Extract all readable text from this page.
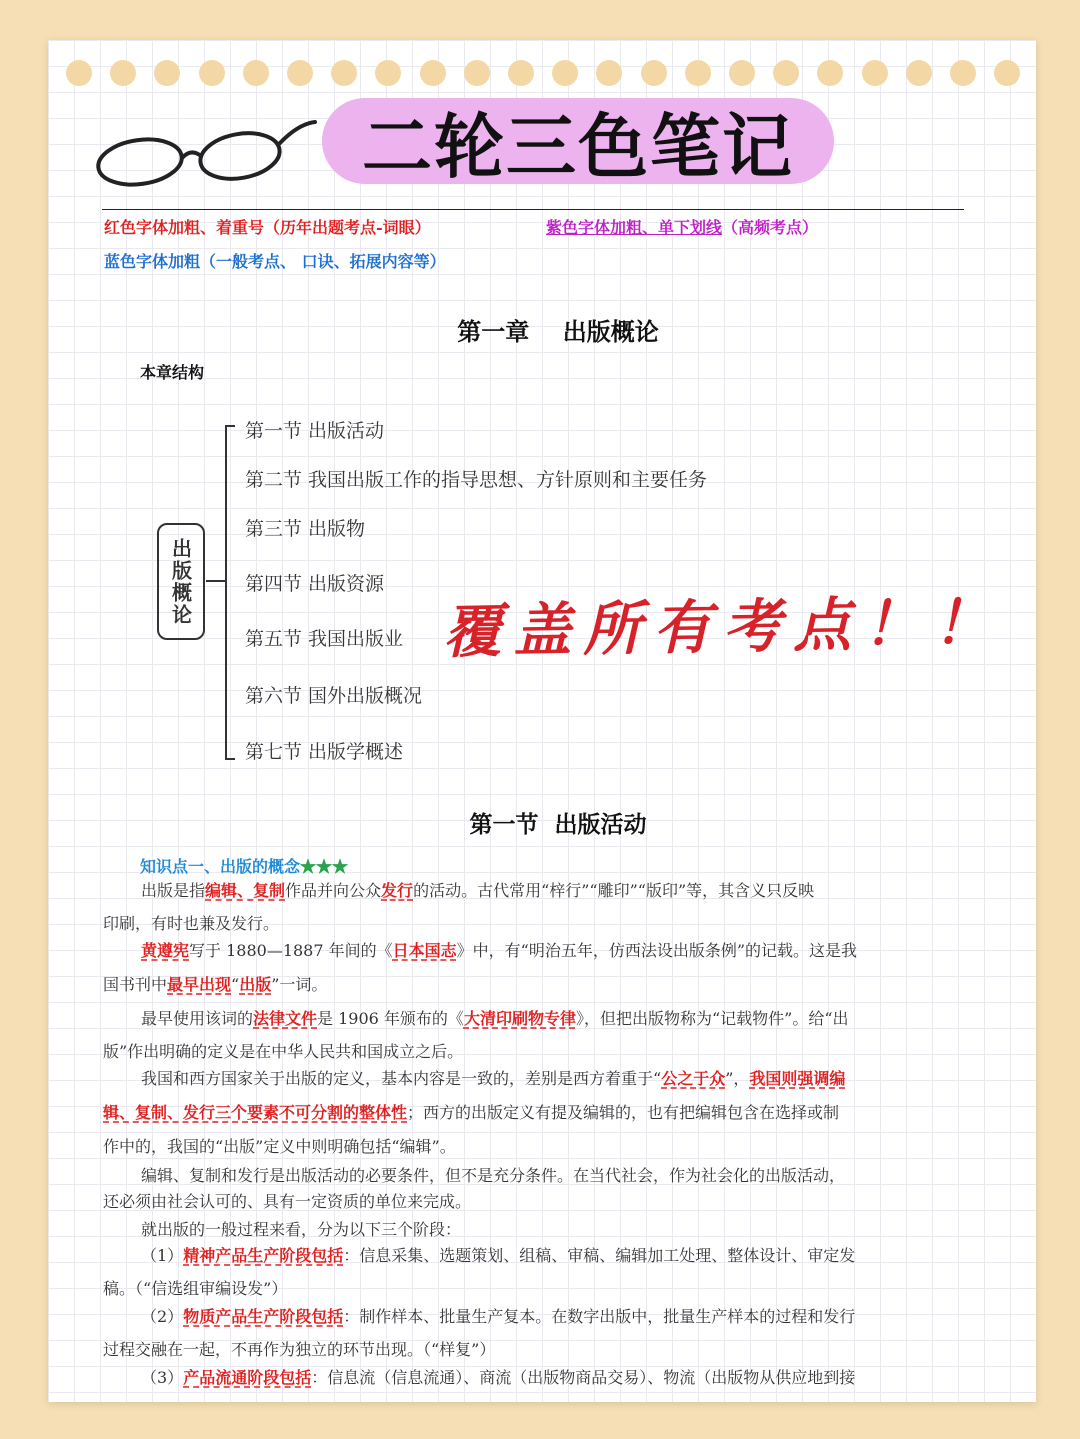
二轮三色笔记
红色字体加粗、着重号（历年出题考点-词眼）	紫色字体加粗、单下划线（高频考点）
蓝色字体加粗（一般考点、 口诀、拓展内容等）
第一章    出版概论
本章结构
出版概论
第一节 出版活动
第二节 我国出版工作的指导思想、方针原则和主要任务
第三节 出版物
第四节 出版资源
第五节 我国出版业
第六节 国外出版概况
第七节 出版学概述
覆盖所有考点！！
第一节  出版活动
知识点一、出版的概念★★★
出版是指编辑、复制作品并向公众发行的活动。古代常用“梓行”“雕印”“版印”等，其含义只反映
印刷，有时也兼及发行。
黄遵宪写于 1880—1887 年间的《日本国志》中，有“明治五年，仿西法设出版条例”的记载。这是我
国书刊中最早出现“出版”一词。
最早使用该词的法律文件是 1906 年颁布的《大清印刷物专律》，但把出版物称为“记载物件”。给“出
版”作出明确的定义是在中华人民共和国成立之后。
我国和西方国家关于出版的定义，基本内容是一致的，差别是西方着重于“公之于众”，我国则强调编
辑、复制、发行三个要素不可分割的整体性；西方的出版定义有提及编辑的，也有把编辑包含在选择或制
作中的，我国的“出版”定义中则明确包括“编辑”。
编辑、复制和发行是出版活动的必要条件，但不是充分条件。在当代社会，作为社会化的出版活动，
还必须由社会认可的、具有一定资质的单位来完成。
就出版的一般过程来看，分为以下三个阶段：
（1）精神产品生产阶段包括：信息采集、选题策划、组稿、审稿、编辑加工处理、整体设计、审定发
稿。（“信选组审编设发”）
（2）物质产品生产阶段包括：制作样本、批量生产复本。在数字出版中，批量生产样本的过程和发行
过程交融在一起，不再作为独立的环节出现。（“样复”）
（3）产品流通阶段包括：信息流（信息流通）、商流（出版物商品交易）、物流（出版物从供应地到接
